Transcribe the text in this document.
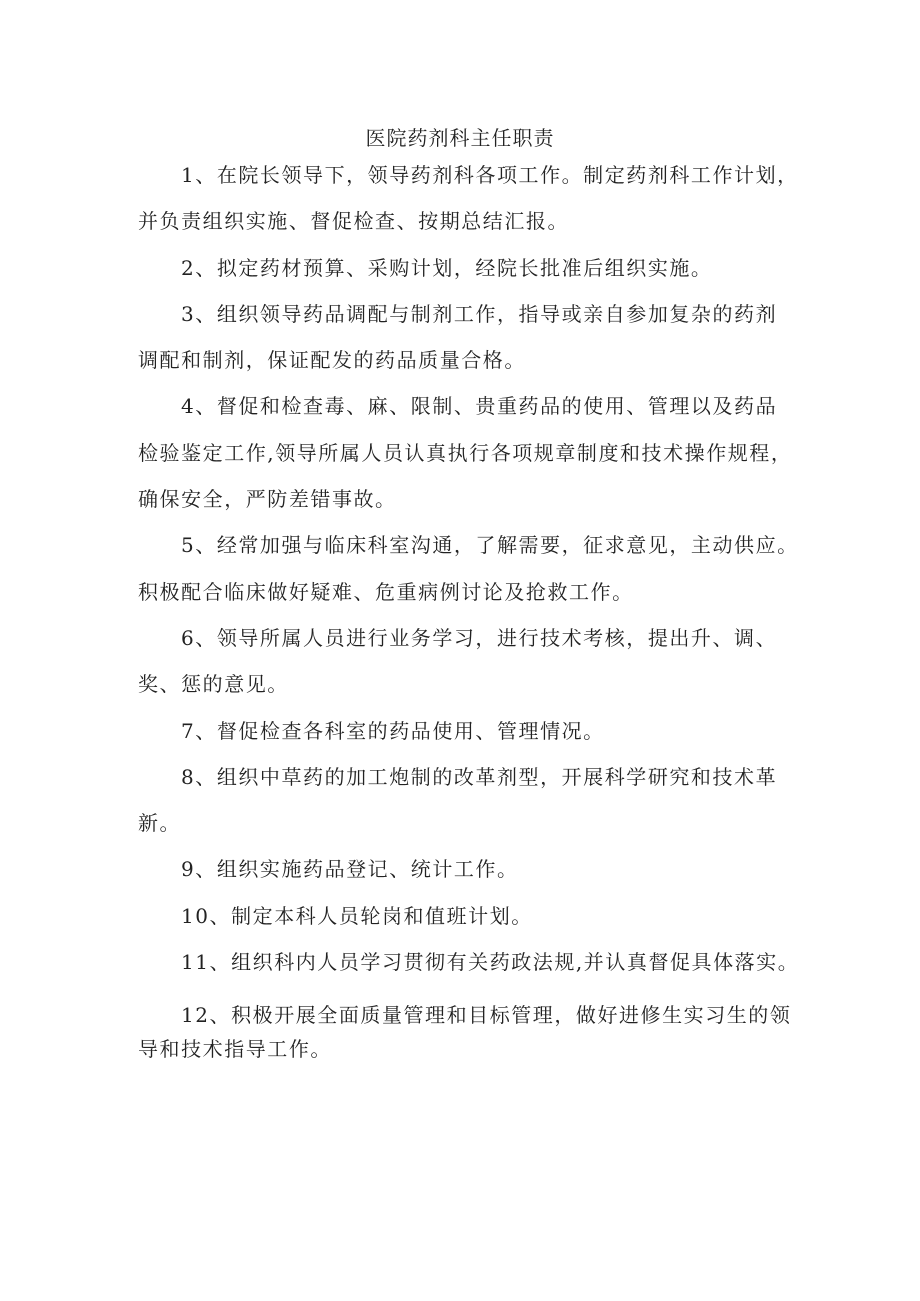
医院药剂科主任职责
1、在院长领导下，领导药剂科各项工作。制定药剂科工作计划，
并负责组织实施、督促检查、按期总结汇报。
2、拟定药材预算、采购计划，经院长批准后组织实施。
3、组织领导药品调配与制剂工作，指导或亲自参加复杂的药剂
调配和制剂，保证配发的药品质量合格。
4、督促和检查毒、麻、限制、贵重药品的使用、管理以及药品
检验鉴定工作,领导所属人员认真执行各项规章制度和技术操作规程，
确保安全，严防差错事故。
5、经常加强与临床科室沟通，了解需要，征求意见，主动供应。
积极配合临床做好疑难、危重病例讨论及抢救工作。
6、领导所属人员进行业务学习，进行技术考核，提出升、调、
奖、惩的意见。
7、督促检查各科室的药品使用、管理情况。
8、组织中草药的加工炮制的改革剂型，开展科学研究和技术革
新。
9、组织实施药品登记、统计工作。
10、制定本科人员轮岗和值班计划。
11、组织科内人员学习贯彻有关药政法规,并认真督促具体落实。
12、积极开展全面质量管理和目标管理，做好进修生实习生的领
导和技术指导工作。
